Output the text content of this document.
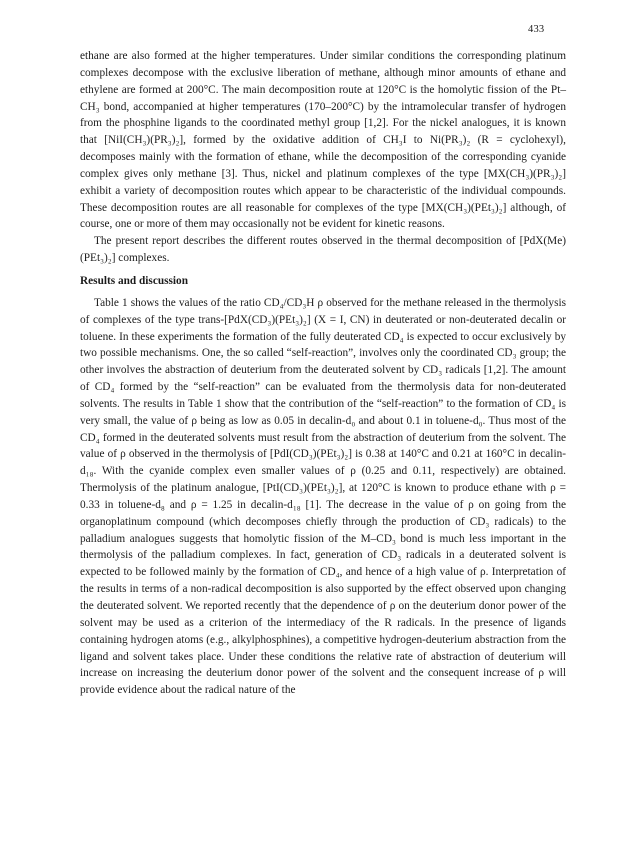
433

ethane are also formed at the higher temperatures. Under similar conditions the corresponding platinum complexes decompose with the exclusive liberation of methane, although minor amounts of ethane and ethylene are formed at 200°C. The main decomposition route at 120°C is the homolytic fission of the Pt–CH₃ bond, accompanied at higher temperatures (170–200°C) by the intramolecular transfer of hydrogen from the phosphine ligands to the coordinated methyl group [1,2]. For the nickel analogues, it is known that [NiI(CH₃)(PR₃)₂], formed by the oxidative addition of CH₃I to Ni(PR₃)₂ (R = cyclohexyl), decomposes mainly with the formation of ethane, while the decomposition of the corresponding cyanide complex gives only methane [3]. Thus, nickel and platinum complexes of the type [MX(CH₃)(PR₃)₂] exhibit a variety of decomposition routes which appear to be characteristic of the individual compounds. These decomposition routes are all reasonable for complexes of the type [MX(CH₃)(PEt₃)₂] although, of course, one or more of them may occasionally not be evident for kinetic reasons.

The present report describes the different routes observed in the thermal decomposition of [PdX(Me)(PEt₃)₂] complexes.

Results and discussion

Table 1 shows the values of the ratio CD₄/CD₃H ρ observed for the methane released in the thermolysis of complexes of the type trans-[PdX(CD₃)(PEt₃)₂] (X = I, CN) in deuterated or non-deuterated decalin or toluene. In these experiments the formation of the fully deuterated CD₄ is expected to occur exclusively by two possible mechanisms. One, the so called “self-reaction”, involves only the coordinated CD₃ group; the other involves the abstraction of deuterium from the deuterated solvent by CD₃ radicals [1,2]. The amount of CD₄ formed by the “self-reaction” can be evaluated from the thermolysis data for non-deuterated solvents. The results in Table 1 show that the contribution of the “self-reaction” to the formation of CD₄ is very small, the value of ρ being as low as 0.05 in decalin-d₀ and about 0.1 in toluene-d₀. Thus most of the CD₄ formed in the deuterated solvents must result from the abstraction of deuterium from the solvent. The value of ρ observed in the thermolysis of [PdI(CD₃)(PEt₃)₂] is 0.38 at 140°C and 0.21 at 160°C in decalin-d₁₈. With the cyanide complex even smaller values of ρ (0.25 and 0.11, respectively) are obtained. Thermolysis of the platinum analogue, [PtI(CD₃)(PEt₃)₂], at 120°C is known to produce ethane with ρ = 0.33 in toluene-d₈ and ρ = 1.25 in decalin-d₁₈ [1]. The decrease in the value of ρ on going from the organoplatinum compound (which decomposes chiefly through the production of CD₃ radicals) to the palladium analogues suggests that homolytic fission of the M–CD₃ bond is much less important in the thermolysis of the palladium complexes. In fact, generation of CD₃ radicals in a deuterated solvent is expected to be followed mainly by the formation of CD₄, and hence of a high value of ρ. Interpretation of the results in terms of a non-radical decomposition is also supported by the effect observed upon changing the deuterated solvent. We reported recently that the dependence of ρ on the deuterium donor power of the solvent may be used as a criterion of the intermediacy of the R radicals. In the presence of ligands containing hydrogen atoms (e.g., alkylphosphines), a competitive hydrogen-deuterium abstraction from the ligand and solvent takes place. Under these conditions the relative rate of abstraction of deuterium will increase on increasing the deuterium donor power of the solvent and the consequent increase of ρ will provide evidence about the radical nature of the
